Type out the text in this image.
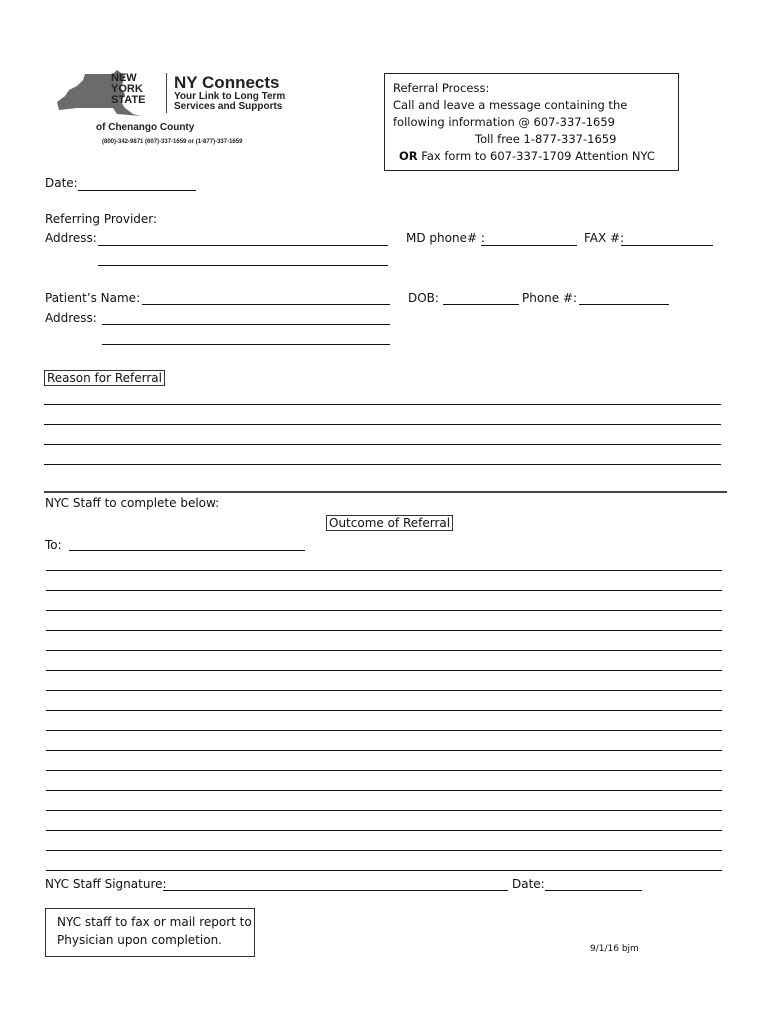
NEW
YORK
STATE
NY Connects
Your Link to Long Term
Services and Supports
of Chenango County
(800)-342-9871 (607)-337-1659 or (1-877)-337-1659
Referral Process:
Call and leave a message containing the
following information @ 607-337-1659
Toll free 1-877-337-1659
OR Fax form to 607-337-1709 Attention NYC
Date:
Referring Provider:
Address:	MD phone# :	FAX #:
Patient’s Name:	DOB:	Phone #:
Address:
Reason for Referral
NYC Staff to complete below:
Outcome of Referral
To:
NYC Staff Signature:	Date:
NYC staff to fax or mail report to
Physician upon completion.
9/1/16 bjm
